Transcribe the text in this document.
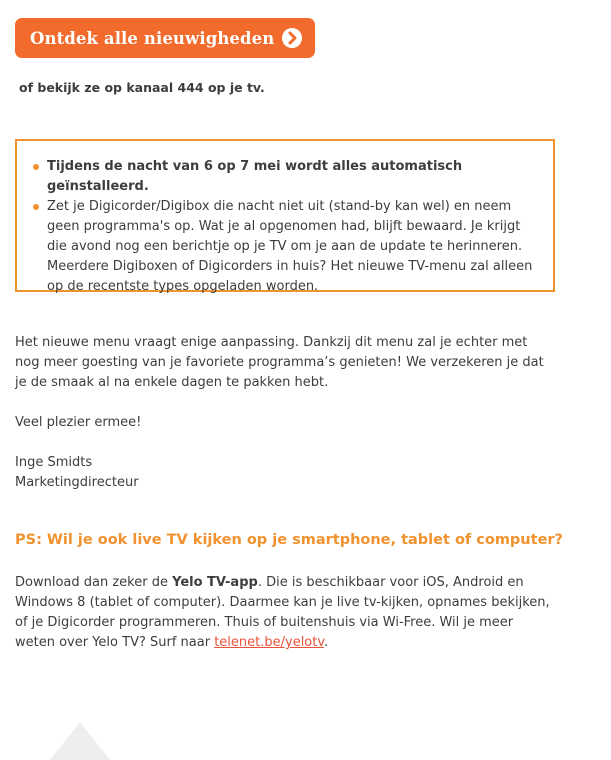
Ontdek alle nieuwigheden
of bekijk ze op kanaal 444 op je tv.
Tijdens de nacht van 6 op 7 mei wordt alles automatisch geïnstalleerd.
Zet je Digicorder/Digibox die nacht niet uit (stand-by kan wel) en neem geen programma's op. Wat je al opgenomen had, blijft bewaard. Je krijgt die avond nog een berichtje op je TV om je aan de update te herinneren. Meerdere Digiboxen of Digicorders in huis? Het nieuwe TV-menu zal alleen op de recentste types opgeladen worden.

Het nieuwe menu vraagt enige aanpassing. Dankzij dit menu zal je echter met nog meer goesting van je favoriete programma’s genieten! We verzekeren je dat je de smaak al na enkele dagen te pakken hebt.

Veel plezier ermee!

Inge Smidts

Marketingdirecteur

PS: Wil je ook live TV kijken op je smartphone, tablet of computer?

Download dan zeker de Yelo TV-app. Die is beschikbaar voor iOS, Android en Windows 8 (tablet of computer). Daarmee kan je live tv-kijken, opnames bekijken, of je Digicorder programmeren. Thuis of buitenshuis via Wi-Free. Wil je meer weten over Yelo TV? Surf naar telenet.be/yelotv.
